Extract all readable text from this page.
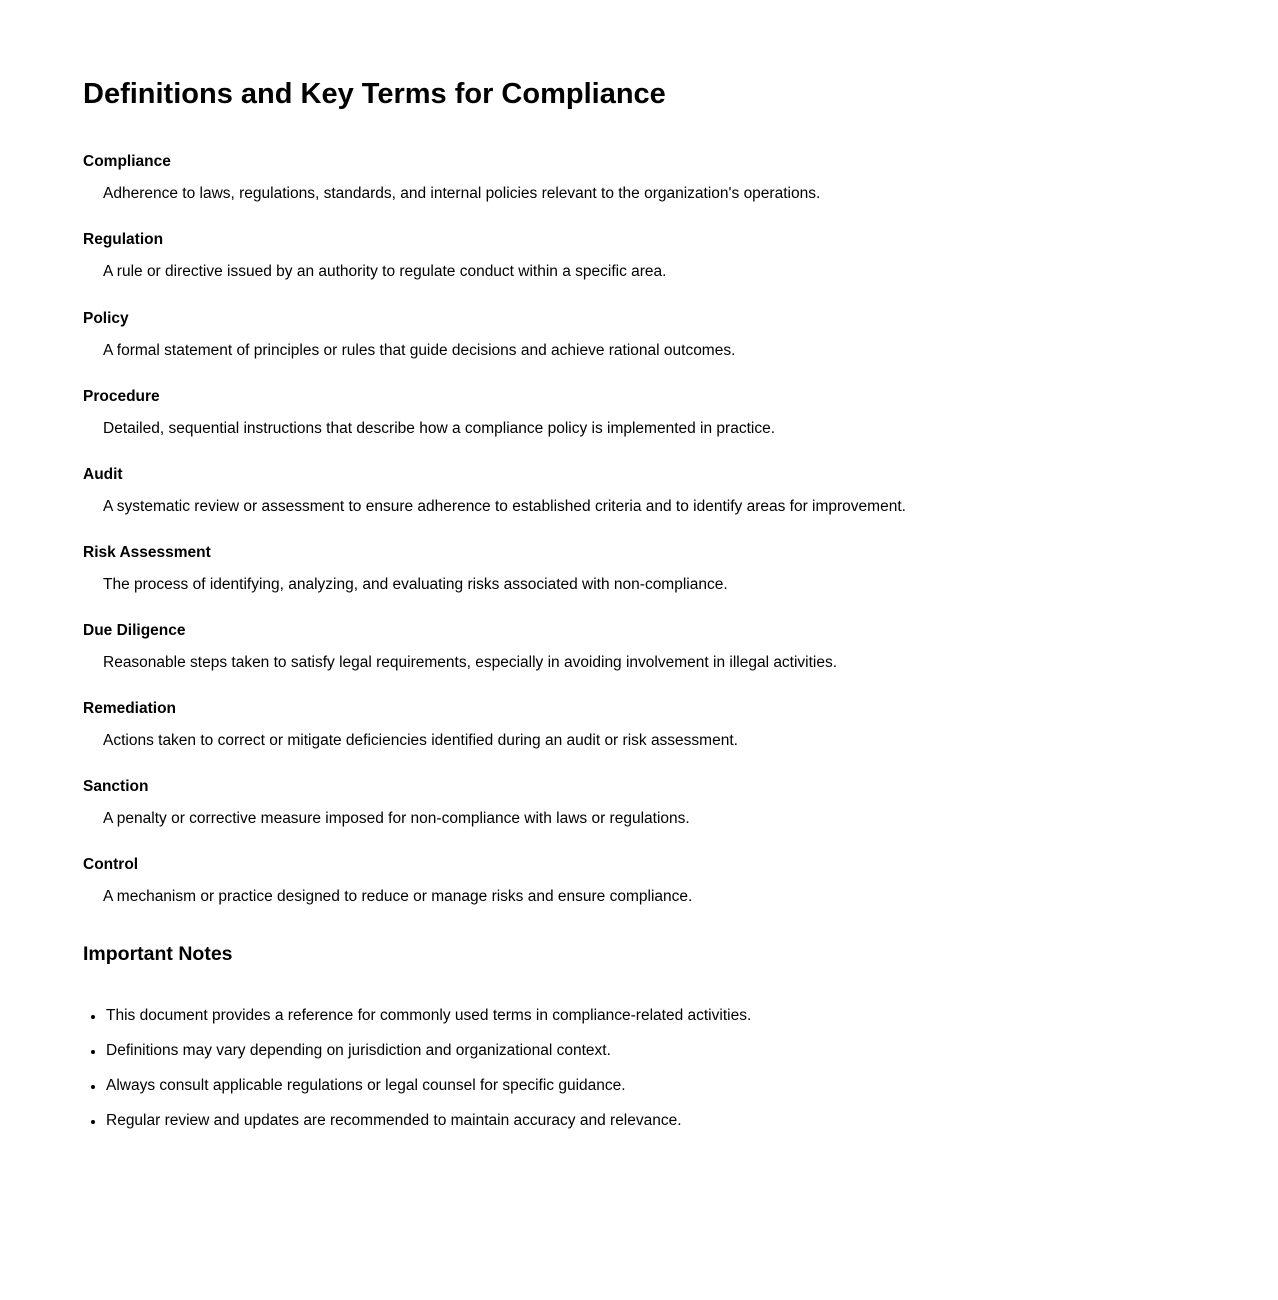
Definitions and Key Terms for Compliance
Compliance

Adherence to laws, regulations, standards, and internal policies relevant to the organization's operations.

Regulation

A rule or directive issued by an authority to regulate conduct within a specific area.

Policy

A formal statement of principles or rules that guide decisions and achieve rational outcomes.

Procedure

Detailed, sequential instructions that describe how a compliance policy is implemented in practice.

Audit

A systematic review or assessment to ensure adherence to established criteria and to identify areas for improvement.

Risk Assessment

The process of identifying, analyzing, and evaluating risks associated with non-compliance.

Due Diligence

Reasonable steps taken to satisfy legal requirements, especially in avoiding involvement in illegal activities.

Remediation

Actions taken to correct or mitigate deficiencies identified during an audit or risk assessment.

Sanction

A penalty or corrective measure imposed for non-compliance with laws or regulations.

Control

A mechanism or practice designed to reduce or manage risks and ensure compliance.

Important Notes
• This document provides a reference for commonly used terms in compliance-related activities.
• Definitions may vary depending on jurisdiction and organizational context.
• Always consult applicable regulations or legal counsel for specific guidance.
• Regular review and updates are recommended to maintain accuracy and relevance.
